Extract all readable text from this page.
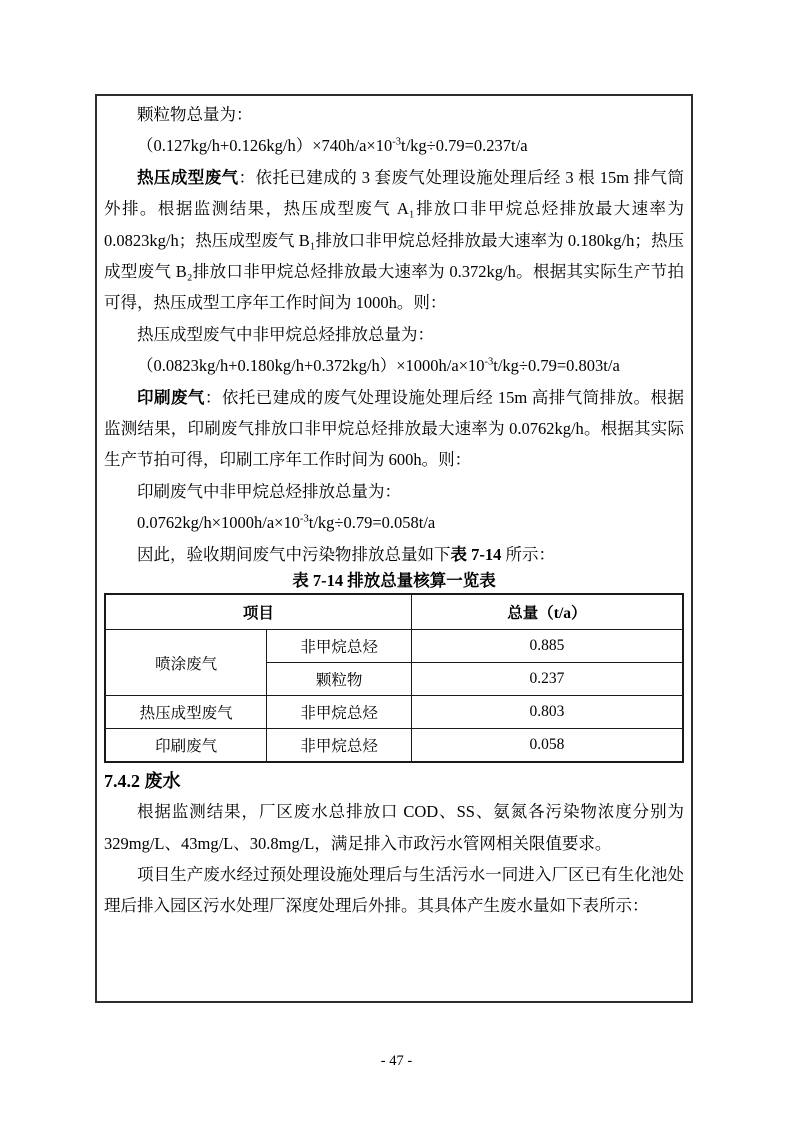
颗粒物总量为：

$(0.127kg/h+0.126kg/h)\times 740h/a\times 10^{-3}t/kg\div 0.79=0.237t/a$

热压成型废气：依托已建成的 3 套废气处理设施处理后经 3 根 15m 排气筒外排。根据监测结果，热压成型废气 A₁排放口非甲烷总烃排放最大速率为 0.0823kg/h；热压成型废气 B₁排放口非甲烷总烃排放最大速率为 0.180kg/h；热压成型废气 B₂排放口非甲烷总烃排放最大速率为 0.372kg/h。根据其实际生产节拍可得，热压成型工序年工作时间为 1000h。则：

热压成型废气中非甲烷总烃排放总量为：

$(0.0823kg/h+0.180kg/h+0.372kg/h)\times 1000h/a\times 10^{-3}t/kg\div 0.79=0.803t/a$

印刷废气：依托已建成的废气处理设施处理后经 15m 高排气筒排放。根据监测结果，印刷废气排放口非甲烷总烃排放最大速率为 0.0762kg/h。根据其实际生产节拍可得，印刷工序年工作时间为 600h。则：

印刷废气中非甲烷总烃排放总量为：

$0.0762kg/h\times 1000h/a\times 10^{-3}t/kg\div 0.79=0.058t/a$

因此，验收期间废气中污染物排放总量如下表 7-14 所示：

表 7-14 排放总量核算一览表

项目		总量（t/a）
喷涂废气	非甲烷总烃	0.885
	颗粒物	0.237
热压成型废气	非甲烷总烃	0.803
印刷废气	非甲烷总烃	0.058

7.4.2 废水

根据监测结果，厂区废水总排放口 COD、SS、氨氮各污染物浓度分别为 329mg/L、43mg/L、30.8mg/L，满足排入市政污水管网相关限值要求。

项目生产废水经过预处理设施处理后与生活污水一同进入厂区已有生化池处理后排入园区污水处理厂深度处理后外排。其具体产生废水量如下表所示：

- 47 -
